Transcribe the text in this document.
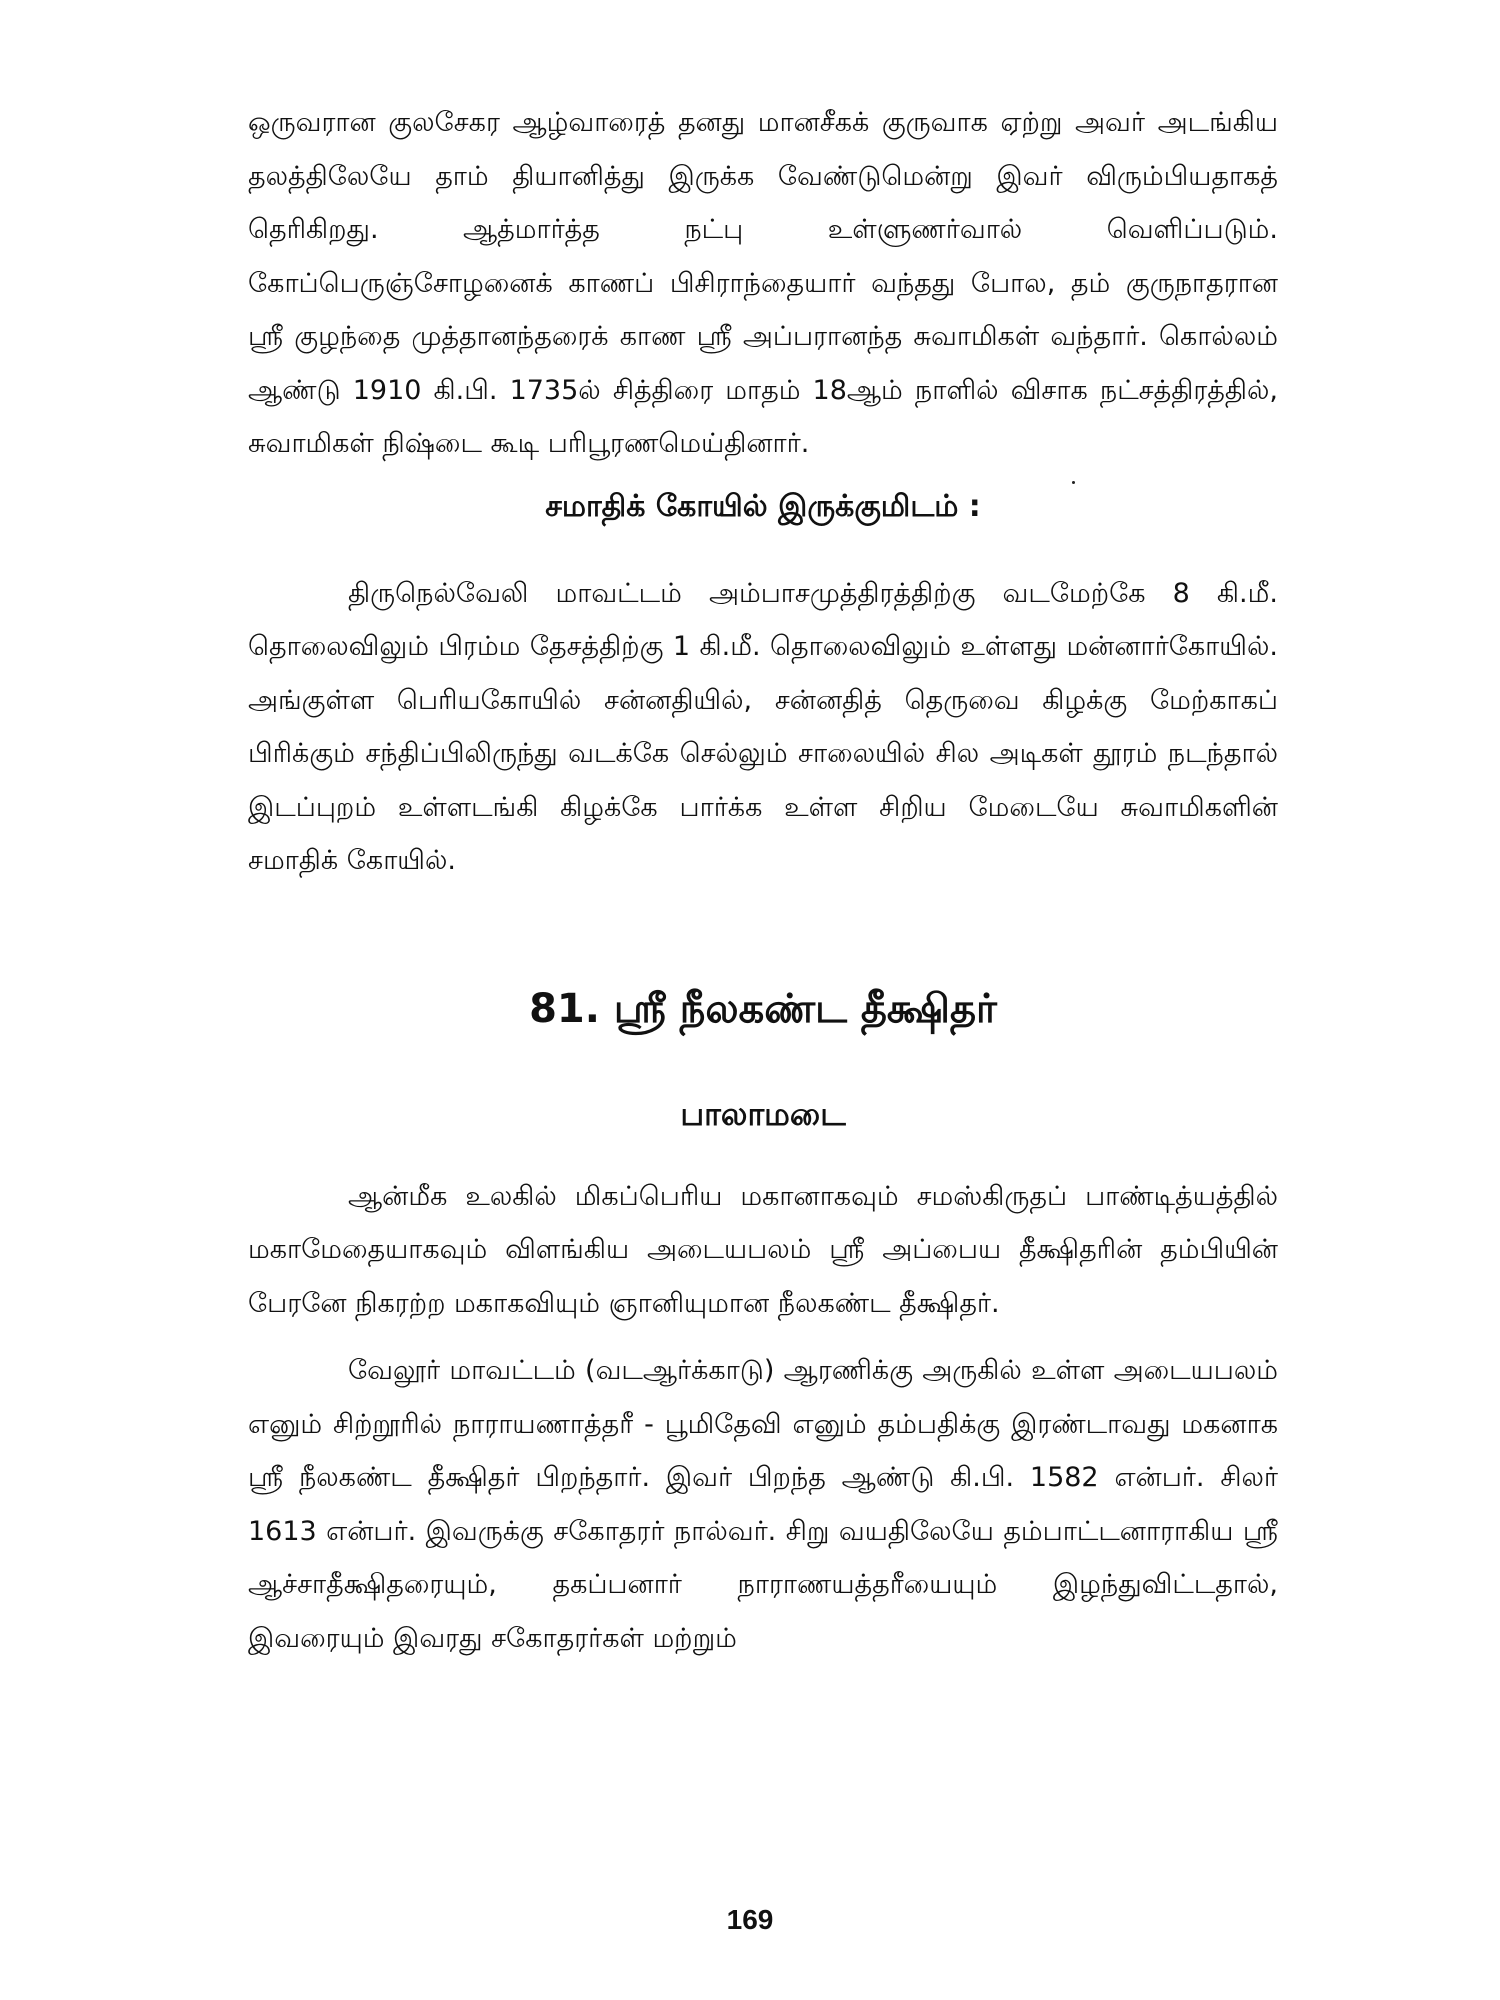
ஒருவரான குலசேகர ஆழ்வாரைத் தனது மானசீகக் குருவாக ஏற்று அவர் அடங்கிய தலத்திலேயே தாம் தியானித்து இருக்க வேண்டுமென்று இவர் விரும்பியதாகத் தெரிகிறது. ஆத்மார்த்த நட்பு உள்ளுணர்வால் வெளிப்படும். கோப்பெருஞ்சோழனைக் காணப் பிசிராந்தையார் வந்தது போல, தம் குருநாதரான ஸ்ரீ குழந்தை முத்தானந்தரைக் காண ஸ்ரீ அப்பரானந்த சுவாமிகள் வந்தார். கொல்லம் ஆண்டு 1910 கி.பி. 1735ல் சித்திரை மாதம் 18ஆம் நாளில் விசாக நட்சத்திரத்தில், சுவாமிகள் நிஷ்டை கூடி பரிபூரணமெய்தினார்.

சமாதிக் கோயில் இருக்குமிடம் :

திருநெல்வேலி மாவட்டம் அம்பாசமுத்திரத்திற்கு வடமேற்கே 8 கி.மீ. தொலைவிலும் பிரம்ம தேசத்திற்கு 1 கி.மீ. தொலைவிலும் உள்ளது மன்னார்கோயில். அங்குள்ள பெரியகோயில் சன்னதியில், சன்னதித் தெருவை கிழக்கு மேற்காகப் பிரிக்கும் சந்திப்பிலிருந்து வடக்கே செல்லும் சாலையில் சில அடிகள் தூரம் நடந்தால் இடப்புறம் உள்ளடங்கி கிழக்கே பார்க்க உள்ள சிறிய மேடையே சுவாமிகளின் சமாதிக் கோயில்.

81. ஸ்ரீ நீலகண்ட தீக்ஷிதர்
பாலாமடை

ஆன்மீக உலகில் மிகப்பெரிய மகானாகவும் சமஸ்கிருதப் பாண்டித்யத்தில் மகாமேதையாகவும் விளங்கிய அடையபலம் ஸ்ரீ அப்பைய தீக்ஷிதரின் தம்பியின் பேரனே நிகரற்ற மகாகவியும் ஞானியுமான நீலகண்ட தீக்ஷிதர்.

வேலூர் மாவட்டம் (வடஆர்க்காடு) ஆரணிக்கு அருகில் உள்ள அடையபலம் எனும் சிற்றூரில் நாராயணாத்தரீ - பூமிதேவி எனும் தம்பதிக்கு இரண்டாவது மகனாக ஸ்ரீ நீலகண்ட தீக்ஷிதர் பிறந்தார். இவர் பிறந்த ஆண்டு கி.பி. 1582 என்பர். சிலர் 1613 என்பர். இவருக்கு சகோதரர் நால்வர். சிறு வயதிலேயே தம்பாட்டனாராகிய ஸ்ரீ ஆச்சாதீக்ஷிதரையும், தகப்பனார் நாராணயத்தரீயையும் இழந்துவிட்டதால், இவரையும் இவரது சகோதரர்கள் மற்றும்

169
